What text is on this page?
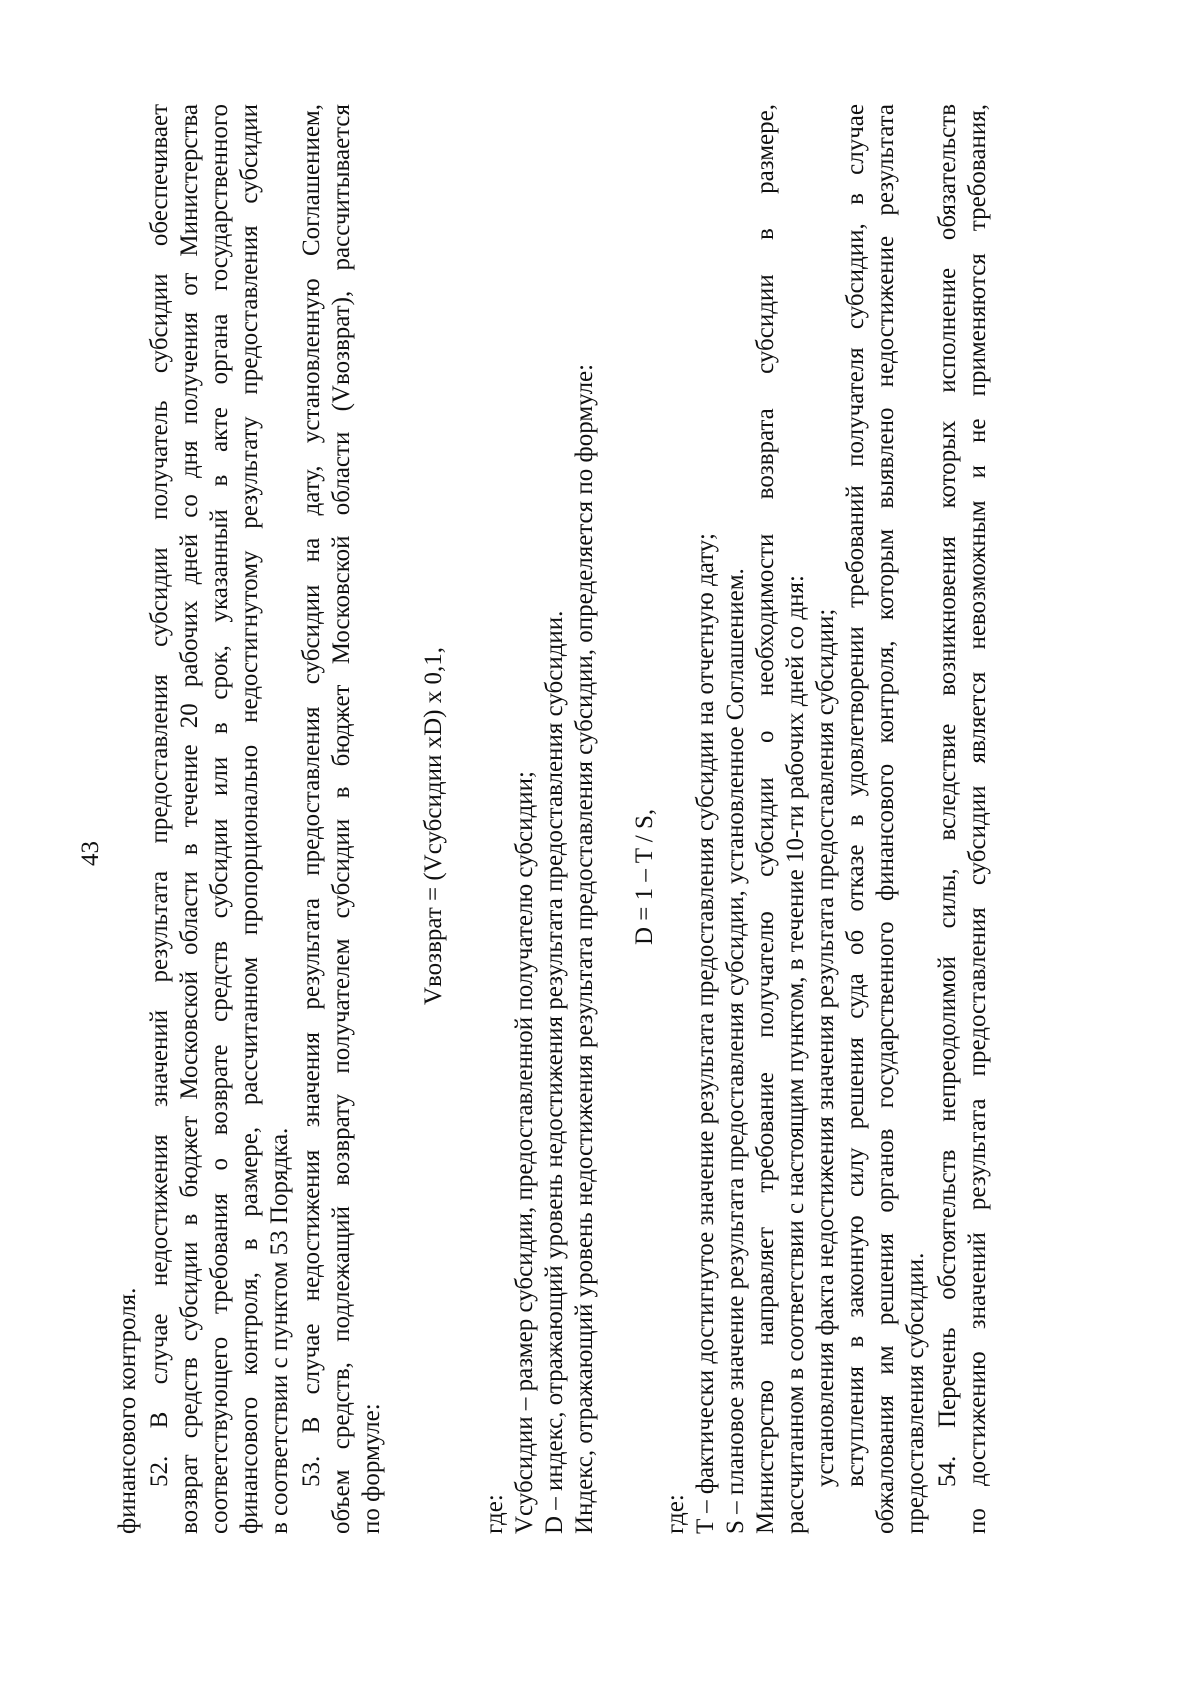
43
финансового контроля. 52. В случае недостижения значений результата предоставления субсидии получатель субсидии обеспечивает возврат средств субсидии в бюджет Московской области в течение 20 рабочих дней со дня получения от Министерства соответствующего требования о возврате средств субсидии или в срок, указанный в акте органа государственного финансового контроля, в размере, рассчитанном пропорционально недостигнутому результату предоставления субсидии в соответствии с пунктом 53 Порядка. 53. В случае недостижения значения результата предоставления субсидии на дату, установленную Соглашением, объем средств, подлежащий возврату получателем субсидии в бюджет Московской области (Vвозврат), рассчитывается по формуле:
Vвозврат = (Vсубсидии xD) x 0,1,
где: Vсубсидии – размер субсидии, предоставленной получателю субсидии; D – индекс, отражающий уровень недостижения результата предоставления субсидии. Индекс, отражающий уровень недостижения результата предоставления субсидии, определяется по формуле: D = 1 – T / S,
где: T – фактически достигнутое значение результата предоставления субсидии на отчетную дату; S – плановое значение результата предоставления субсидии, установленное Соглашением. Министерство направляет требование получателю субсидии о необходимости возврата субсидии в размере, рассчитанном в соответствии с настоящим пунктом, в течение 10-ти рабочих дней со дня: установления факта недостижения значения результата предоставления субсидии; вступления в законную силу решения суда об отказе в удовлетворении требований получателя субсидии, в случае обжалования им решения органов государственного финансового контроля, которым выявлено недостижение результата предоставления субсидии. 54. Перечень обстоятельств непреодолимой силы, вследствие возникновения которых исполнение обязательств по достижению значений результата предоставления субсидии является невозможным и не применяются требования,
